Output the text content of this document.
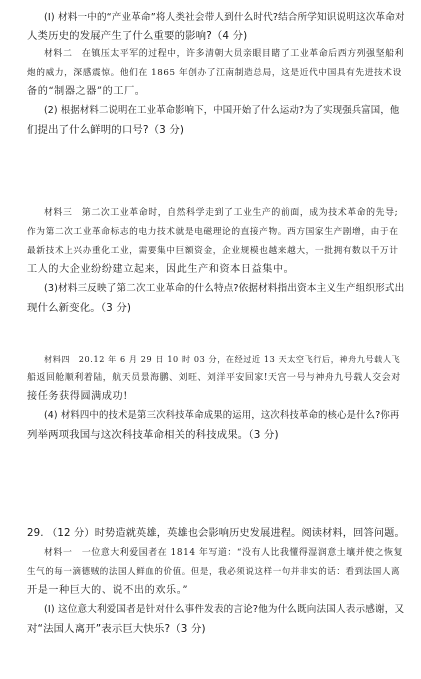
(I) 材料一中的“产业革命”将人类社会带人到什么时代?结合所学知识说明这次革命对
人类历史的发展产生了什么重要的影响?（4 分)
材料二　在镇压太平军的过程中，许多清朝大员亲眼目睹了工业革命后西方列强坚船利
炮的威力，深感震惊。他们在 1865 年创办了江南制造总局，这是近代中国具有先进技术设
备的“制器之器”的工厂。
(2) 根据材料二说明在工业革命影响下，中国开始了什么运动?为了实现强兵富国，他
们提出了什么鲜明的口号?（3 分)
材料三　第二次工业革命时，自然科学走到了工业生产的前面，成为技术革命的先导;
作为第二次工业革命标志的电力技术就是电磁理论的直接产物。西方国家生产剧增，由于在
最新技术上兴办重化工业，需要集中巨额资金，企业规模也越来越大，一批拥有数以千万计
工人的大企业纷纷建立起来，因此生产和资本日益集中。
(3)材料三反映了第二次工业革命的什么特点?依据材料指出资本主义生产组织形式出
现什么新变化。（3 分)
材料四　20.12 年 6 月 29 日 10 时 03 分，在经过近 13 天太空飞行后，神舟九号载人飞
船返回舱顺利着陆，航天员景海鹏、刘旺、刘洋平安回家!天宫一号与神舟九号载人交会对
接任务获得圆满成功!
(4) 材料四中的技术是第三次科技革命成果的运用，这次科技革命的核心是什么?你再
列举两项我国与这次科技革命相关的科技成果。（3 分)
29. （12 分）时势造就英雄，英雄也会影响历史发展进程。阅读材料，回答问题。
材料一　一位意大利爱国者在 1814 年写道：“没有人比我懂得湿润意土壤并使之恢复
生气的每一滴德贼的法国人鲜血的价值。但是，我必须说这样一句并非实的话：看到法国人离
开是一种巨大的、说不出的欢乐。”
(I) 这位意大利爱国者是针对什么事件发表的言论?他为什么既向法国人表示感谢，又
对“法国人离开”表示巨大快乐?（3 分)
